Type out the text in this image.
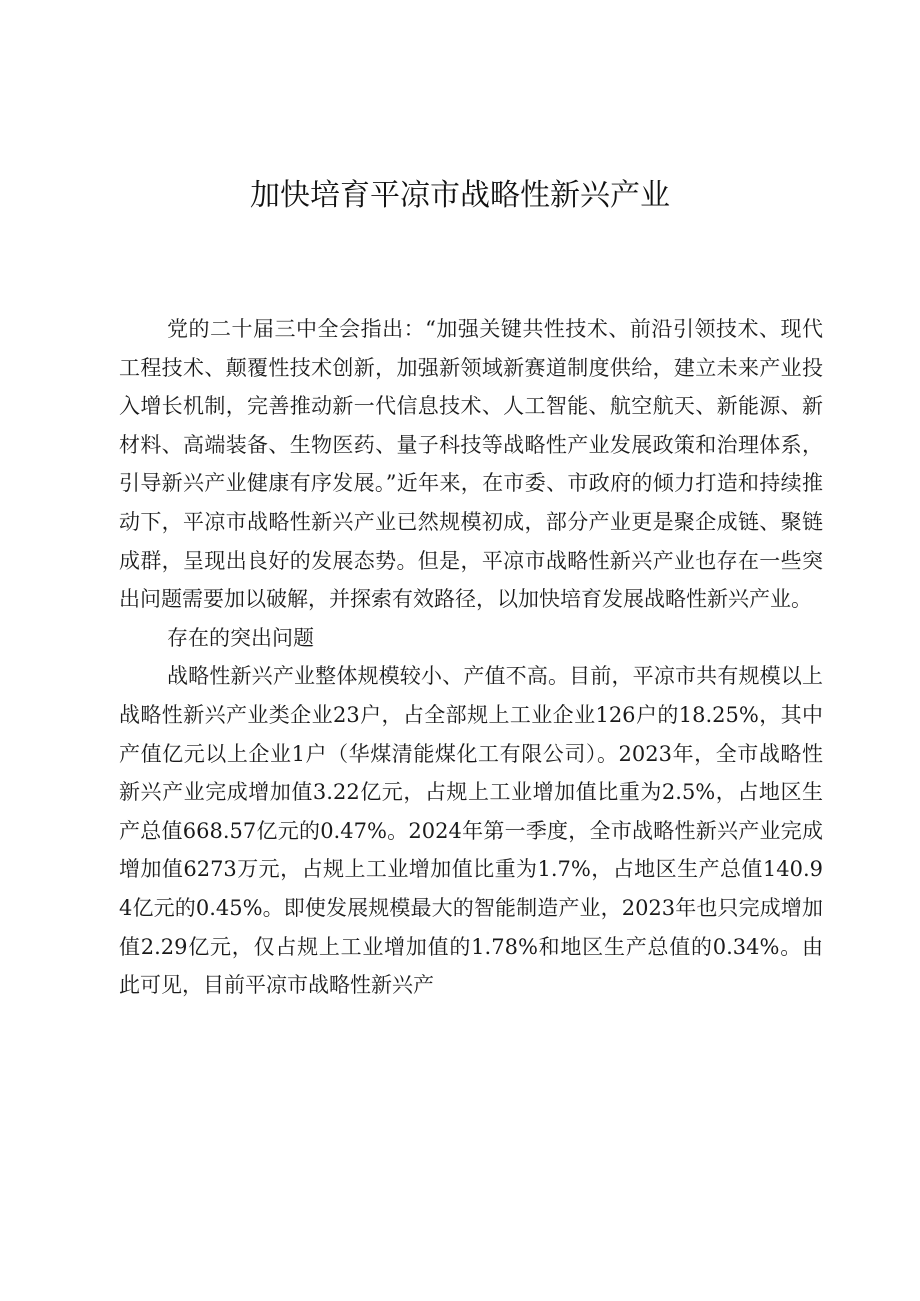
加快培育平凉市战略性新兴产业

党的二十届三中全会指出：“加强关键共性技术、前沿引领技术、现代工程技术、颠覆性技术创新，加强新领域新赛道制度供给，建立未来产业投入增长机制，完善推动新一代信息技术、人工智能、航空航天、新能源、新材料、高端装备、生物医药、量子科技等战略性产业发展政策和治理体系，引导新兴产业健康有序发展。”近年来，在市委、市政府的倾力打造和持续推动下，平凉市战略性新兴产业已然规模初成，部分产业更是聚企成链、聚链成群，呈现出良好的发展态势。但是，平凉市战略性新兴产业也存在一些突出问题需要加以破解，并探索有效路径，以加快培育发展战略性新兴产业。

存在的突出问题

战略性新兴产业整体规模较小、产值不高。目前，平凉市共有规模以上战略性新兴产业类企业23户，占全部规上工业企业126户的18.25%，其中产值亿元以上企业1户（华煤清能煤化工有限公司）。2023年，全市战略性新兴产业完成增加值3.22亿元，占规上工业增加值比重为2.5%，占地区生产总值668.57亿元的0.47%。2024年第一季度，全市战略性新兴产业完成增加值6273万元，占规上工业增加值比重为1.7%，占地区生产总值140.94亿元的0.45%。即使发展规模最大的智能制造产业，2023年也只完成增加值2.29亿元，仅占规上工业增加值的1.78%和地区生产总值的0.34%。由此可见，目前平凉市战略性新兴产
